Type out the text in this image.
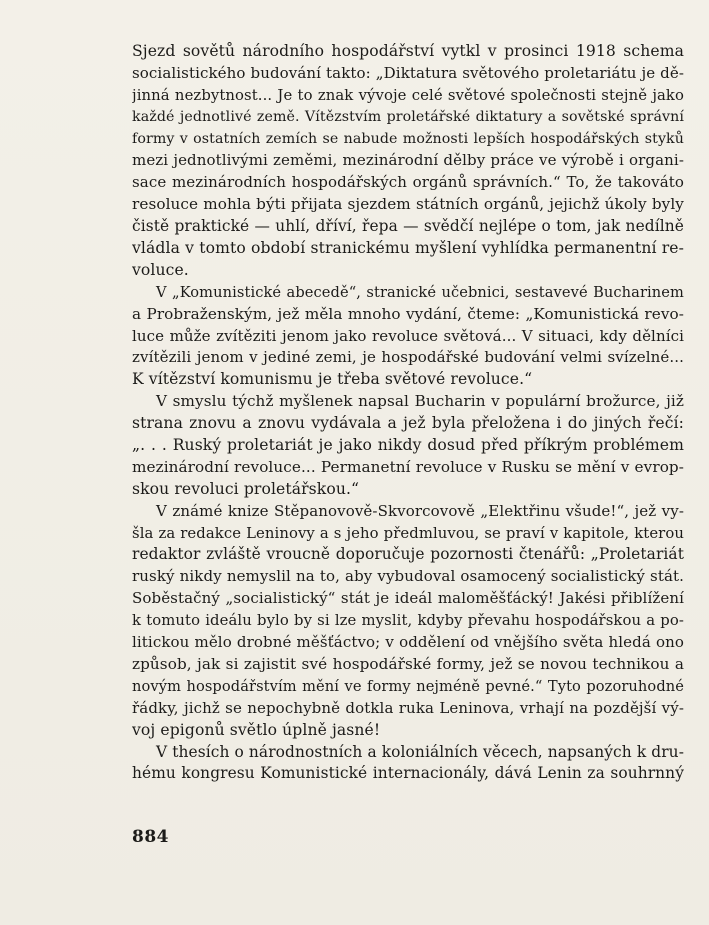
Sjezd sovětů národního hospodářství vytkl v prosinci 1918 schema
socialistického budování takto: „Diktatura světového proletariátu je dě-
jinná nezbytnost... Je to znak vývoje celé světové společnosti stejně jako
každé jednotlivé země. Vítězstvím proletářské diktatury a sovětské správní
formy v ostatních zemích se nabude možnosti lepších hospodářských styků
mezi jednotlivými zeměmi, mezinárodní dělby práce ve výrobě i organi-
sace mezinárodních hospodářských orgánů správních.“ To, že takováto
resoluce mohla býti přijata sjezdem státních orgánů, jejichž úkoly byly
čistě praktické — uhlí, dříví, řepa — svědčí nejlépe o tom, jak nedílně
vládla v tomto období stranickému myšlení vyhlídka permanentní re-
voluce.
V „Komunistické abecedě“, stranické učebnici, sestavevé Bucharinem
a Probraženským, jež měla mnoho vydání, čteme: „Komunistická revo-
luce může zvítěziti jenom jako revoluce světová... V situaci, kdy dělníci
zvítězili jenom v jediné zemi, je hospodářské budování velmi svízelné...
K vítězství komunismu je třeba světové revoluce.“
V smyslu týchž myšlenek napsal Bucharin v populární brožurce, již
strana znovu a znovu vydávala a jež byla přeložena i do jiných řečí:
„. . . Ruský proletariát je jako nikdy dosud před příkrým problémem
mezinárodní revoluce... Permanetní revoluce v Rusku se mění v evrop-
skou revoluci proletářskou.“
V známé knize Stěpanovově-Skvorcovově „Elektřinu všude!“, jež vy-
šla za redakce Leninovy a s jeho předmluvou, se praví v kapitole, kterou
redaktor zvláště vroucně doporučuje pozornosti čtenářů: „Proletariát
ruský nikdy nemyslil na to, aby vybudoval osamocený socialistický stát.
Soběstačný „socialistický“ stát je ideál maloměšťácký! Jakési přiblížení
k tomuto ideálu bylo by si lze myslit, kdyby převahu hospodářskou a po-
litickou mělo drobné měšťáctvo; v oddělení od vnějšího světa hledá ono
způsob, jak si zajistit své hospodářské formy, jež se novou technikou a
novým hospodářstvím mění ve formy nejméně pevné.“ Tyto pozoruhodné
řádky, jichž se nepochybně dotkla ruka Leninova, vrhají na pozdější vý-
voj epigonů světlo úplně jasné!
V thesích o národnostních a koloniálních věcech, napsaných k dru-
hému kongresu Komunistické internacionály, dává Lenin za souhrnný
884
